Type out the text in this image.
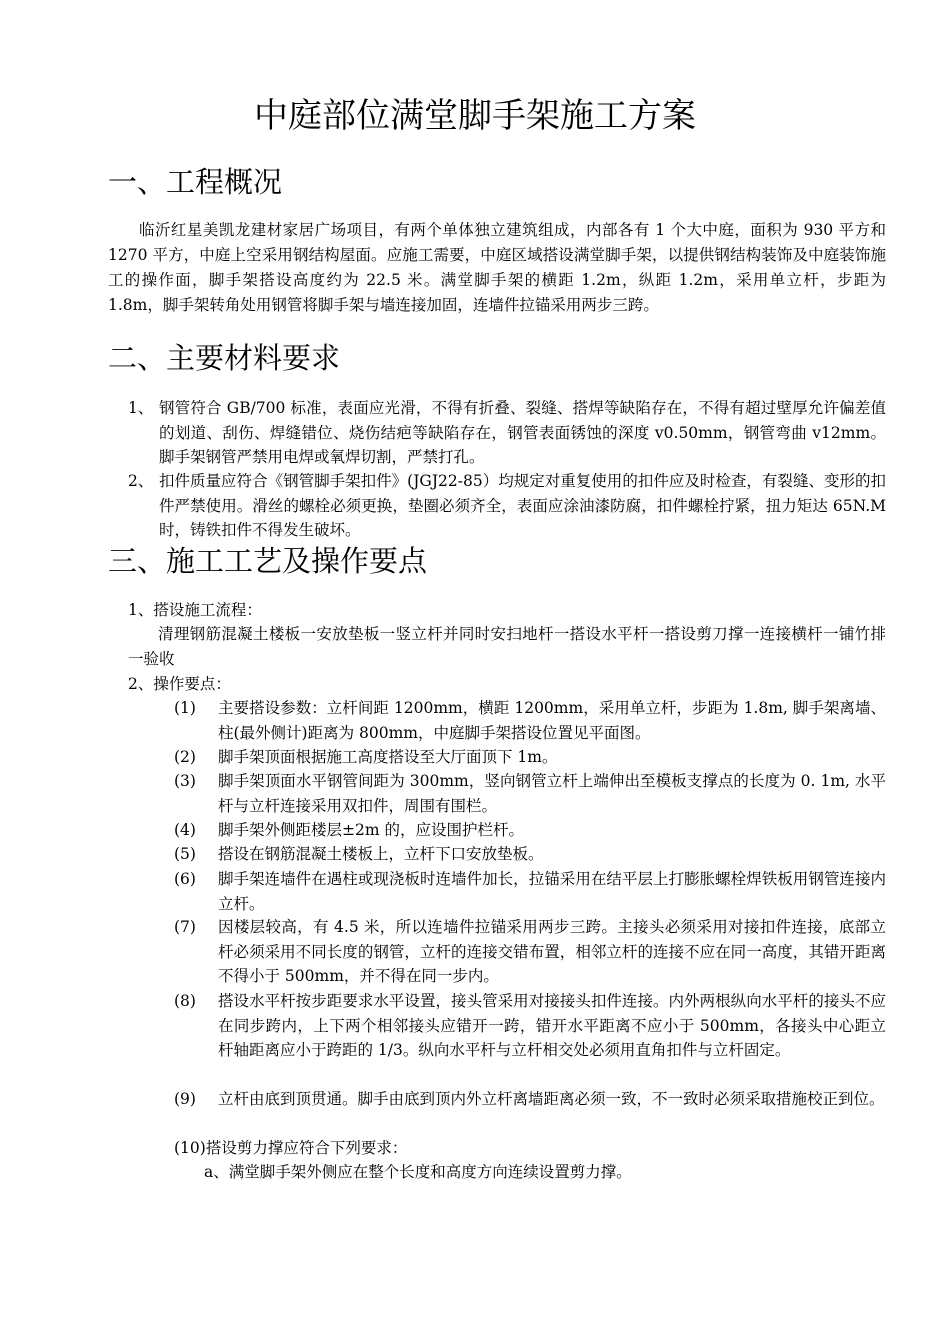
中庭部位满堂脚手架施工方案
一、工程概况

临沂红星美凯龙建材家居广场项目，有两个单体独立建筑组成，内部各有 1 个大中庭，面积为 930 平方和 1270 平方，中庭上空采用钢结构屋面。应施工需要，中庭区域搭设满堂脚手架，以提供钢结构装饰及中庭装饰施工的操作面，脚手架搭设高度约为 22.5 米。满堂脚手架的横距 1.2m，纵距 1.2m，采用单立杆，步距为 1.8m，脚手架转角处用钢管将脚手架与墙连接加固，连墙件拉锚采用两步三跨。

二、主要材料要求
1、 钢管符合 GB/700 标准，表面应光滑，不得有折叠、裂缝、搭焊等缺陷存在，不得有超过壁厚允许偏差值的划道、刮伤、焊缝错位、烧伤结疤等缺陷存在，钢管表面锈蚀的深度 v0.50mm，钢管弯曲 v12mm。脚手架钢管严禁用电焊或氧焊切割，严禁打孔。

2、 扣件质量应符合《钢管脚手架扣件》(JGJ22-85）均规定对重复使用的扣件应及时检查，有裂缝、变形的扣件严禁使用。滑丝的螺栓必须更换，垫圈必须齐全，表面应涂油漆防腐，扣件螺栓拧紧，扭力矩达 65N.M 时，铸铁扣件不得发生破坏。

三、施工工艺及操作要点
1、搭设施工流程：

清理钢筋混凝土楼板一安放垫板一竖立杆并同时安扫地杆一搭设水平杆一搭设剪刀撑一连接横杆一铺竹排一验收

2、操作要点：
(1) 主要搭设参数：立杆间距 1200mm，横距 1200mm，采用单立杆，步距为 1.8m, 脚手架离墙、柱(最外侧计)距离为 800mm，中庭脚手架搭设位置见平面图。

(2) 脚手架顶面根据施工高度搭设至大厅面顶下 1m。

(3) 脚手架顶面水平钢管间距为 300mm，竖向钢管立杆上端伸出至模板支撑点的长度为 0. 1m, 水平杆与立杆连接采用双扣件，周围有围栏。

(4) 脚手架外侧距楼层±2m 的，应设围护栏杆。

(5) 搭设在钢筋混凝土楼板上，立杆下口安放垫板。

(6) 脚手架连墙件在遇柱或现浇板时连墙件加长，拉锚采用在结平层上打膨胀螺栓焊铁板用钢管连接内立杆。

(7) 因楼层较高，有 4.5 米，所以连墙件拉锚采用两步三跨。主接头必须采用对接扣件连接，底部立杆必须采用不同长度的钢管，立杆的连接交错布置，相邻立杆的连接不应在同一高度，其错开距离不得小于 500mm，并不得在同一步内。

(8) 搭设水平杆按步距要求水平设置，接头管采用对接接头扣件连接。内外两根纵向水平杆的接头不应在同步跨内，上下两个相邻接头应错开一跨，错开水平距离不应小于 500mm，各接头中心距立杆轴距离应小于跨距的 1/3。纵向水平杆与立杆相交处必须用直角扣件与立杆固定。

(9) 立杆由底到顶贯通。脚手由底到顶内外立杆离墙距离必须一致，不一致时必须采取措施校正到位。

(10)搭设剪力撑应符合下列要求：
a、满堂脚手架外侧应在整个长度和高度方向连续设置剪力撑。
